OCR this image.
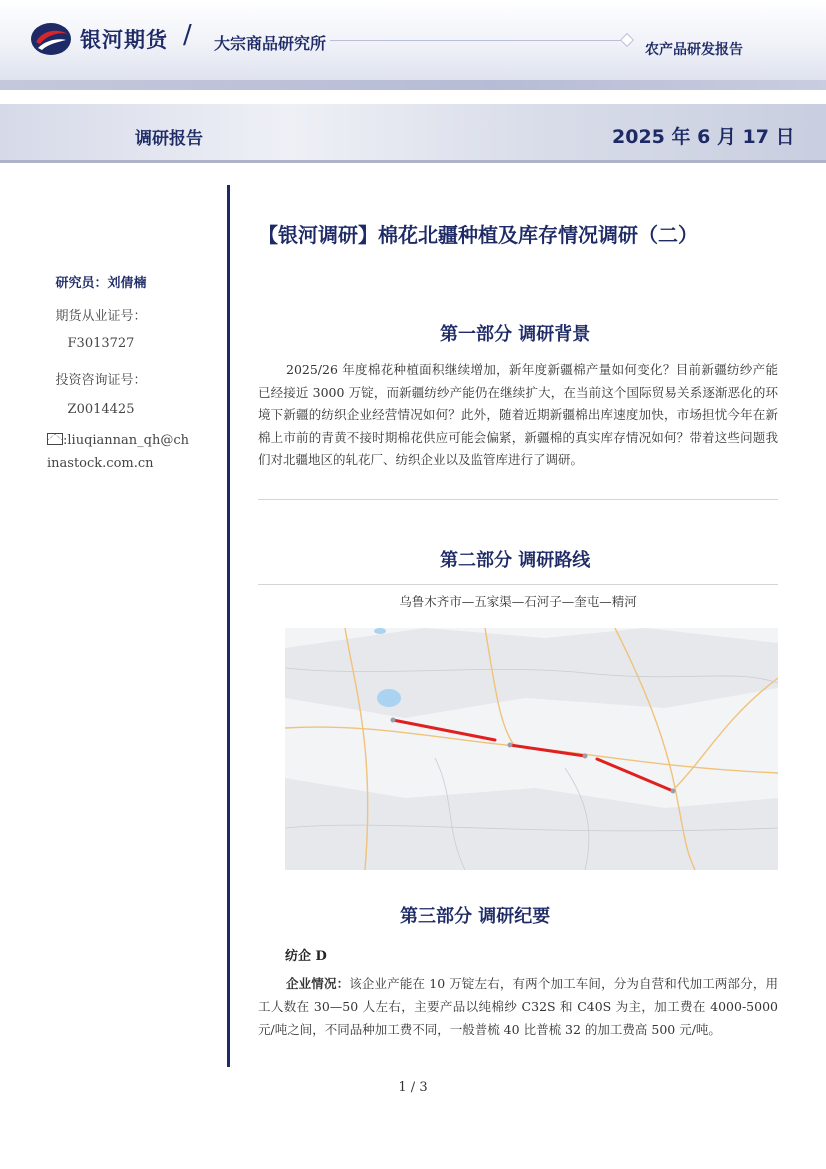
银河期货 / 大宗商品研究所	农产品研发报告
调研报告	2025 年 6 月 17 日
研究员：刘倩楠
期货从业证号：
F3013727
投资咨询证号：
Z0014425
:liuqiannan_qh@ch
inastock.com.cn
【银河调研】棉花北疆种植及库存情况调研（二）
第一部分 调研背景
2025/26 年度棉花种植面积继续增加，新年度新疆棉产量如何变化？目前新疆纺纱产能已经接近 3000 万锭，而新疆纺纱产能仍在继续扩大，在当前这个国际贸易关系逐渐恶化的环境下新疆的纺织企业经营情况如何？此外，随着近期新疆棉出库速度加快，市场担忧今年在新棉上市前的青黄不接时期棉花供应可能会偏紧，新疆棉的真实库存情况如何？带着这些问题我们对北疆地区的轧花厂、纺织企业以及监管库进行了调研。
第二部分 调研路线
乌鲁木齐市—五家渠—石河子—奎屯—精河
第三部分 调研纪要
纺企 D
企业情况：该企业产能在 10 万锭左右，有两个加工车间，分为自营和代加工两部分，用工人数在 30—50 人左右，主要产品以纯棉纱 C32S 和 C40S 为主，加工费在 4000-5000 元/吨之间，不同品种加工费不同，一般普梳 40 比普梳 32 的加工费高 500 元/吨。
1 / 3
